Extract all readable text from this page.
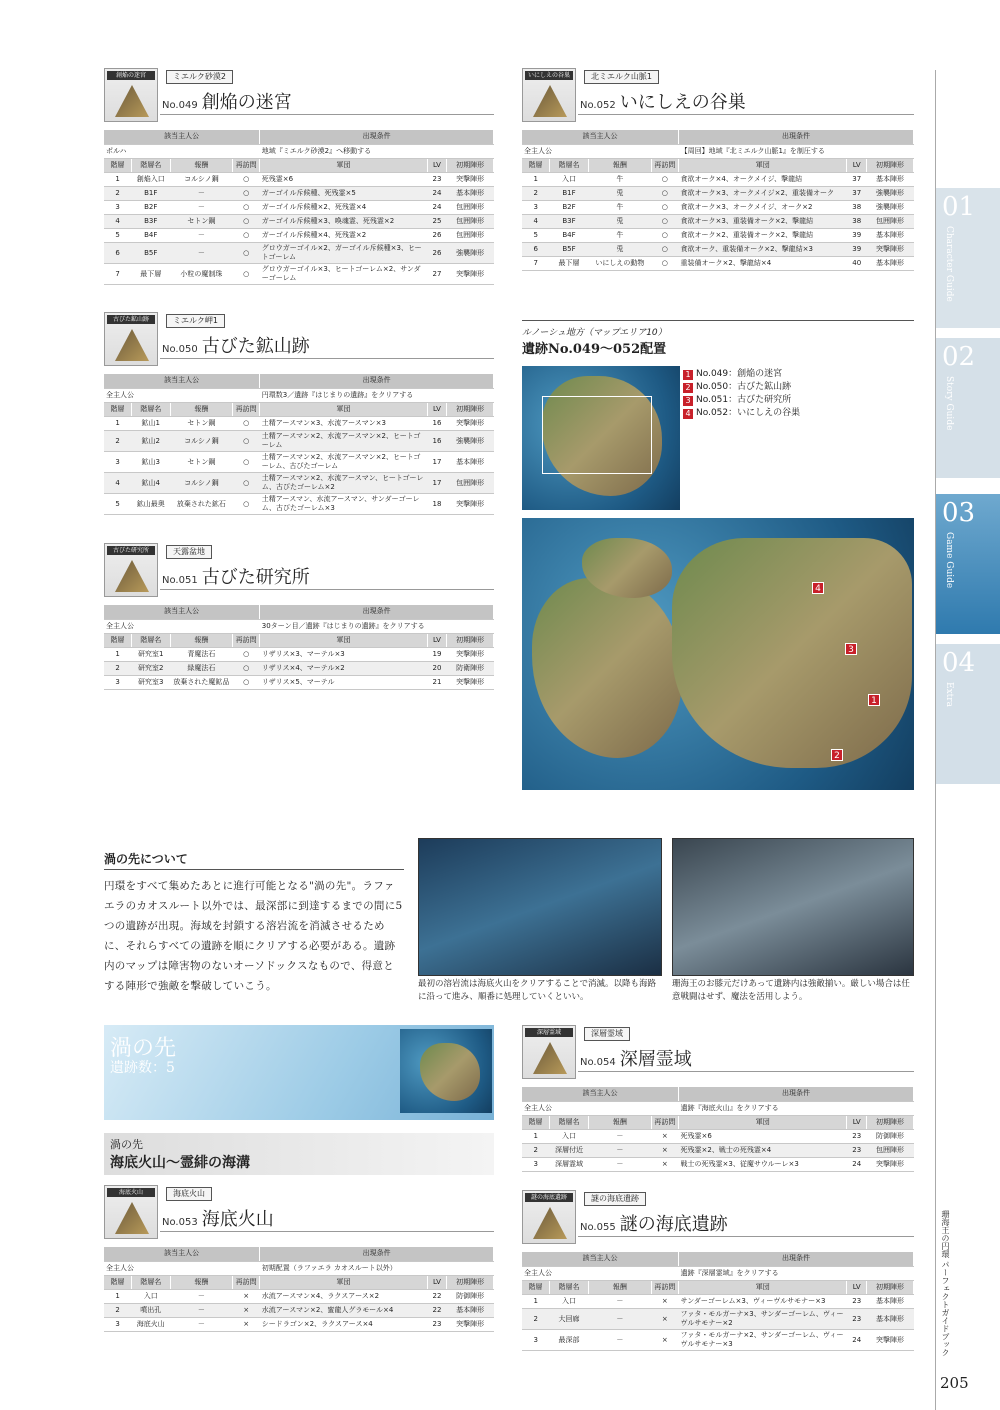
01
Character Guide
02
Story Guide
03
Game Guide
04
Extra
珊海王の円環 パーフェクトガイドブック
205
創焔の迷宮	ミエルク砂漠2
No.049 創焔の迷宮
該当主人公	出現条件
ポルハ	地域『ミエルク砂漠2』へ移動する
階層	階層名	報酬	再訪問	軍団	LV	初期陣形
1	創焔入口	コルシノ鋼	○	死残霊×6	23	突撃陣形
2	B1F	－	○	ガーゴイル斥候種、死残霊×5	24	基本陣形
3	B2F	－	○	ガーゴイル斥候種×2、死残霊×4	24	包囲陣形
4	B3F	セトン鋼	○	ガーゴイル斥候種×3、喚魂霊、死残霊×2	25	包囲陣形
5	B4F	－	○	ガーゴイル斥候種×4、死残霊×2	26	包囲陣形
6	B5F	－	○	グロウガーゴイル×2、ガーゴイル斥候種×3、ヒートゴーレム	26	強襲陣形
7	最下層	小粒の魔制珠	○	グロウガーゴイル×3、ヒートゴーレム×2、サンダーゴーレム	27	突撃陣形
古びた鉱山跡	ミエルク岬1
No.050 古びた鉱山跡
該当主人公	出現条件
全主人公	円環数3／遺跡『はじまりの遺跡』をクリアする
階層	階層名	報酬	再訪問	軍団	LV	初期陣形
1	鉱山1	セトン鋼	○	土精アースマン×3、水流アースマン×3	16	突撃陣形
2	鉱山2	コルシノ鋼	○	土精アースマン×2、水流アースマン×2、ヒートゴーレム	16	強襲陣形
3	鉱山3	セトン鋼	○	土精アースマン×2、水流アースマン×2、ヒートゴーレム、古びたゴーレム	17	基本陣形
4	鉱山4	コルシノ鋼	○	土精アースマン×2、水流アースマン、ヒートゴーレム、古びたゴーレム×2	17	包囲陣形
5	鉱山最奥	放棄された鉱石	○	土精アースマン、水流アースマン、サンダーゴーレム、古びたゴーレム×3	18	突撃陣形
古びた研究所	天露盆地
No.051 古びた研究所
該当主人公	出現条件
全主人公	30ターン目／遺跡『はじまりの遺跡』をクリアする
階層	階層名	報酬	再訪問	軍団	LV	初期陣形
1	研究室1	青魔法石	○	リザリス×3、マーテル×3	19	突撃陣形
2	研究室2	緑魔法石	○	リザリス×4、マーテル×2	20	防衛陣形
3	研究室3	放棄された魔鉱品	○	リザリス×5、マーテル	21	突撃陣形
いにしえの谷巣	北ミエルク山脈1
No.052 いにしえの谷巣
該当主人公	出現条件
全主人公	【周回】地域『北ミエルク山脈1』を制圧する
階層	階層名	報酬	再訪問	軍団	LV	初期陣形
1	入口	牛	○	貪欲オーク×4、オークメイジ、撃龍結	37	基本陣形
2	B1F	兎	○	貪欲オーク×3、オークメイジ×2、重装備オーク	37	強襲陣形
3	B2F	牛	○	貪欲オーク×3、オークメイジ、オーク×2	38	強襲陣形
4	B3F	兎	○	貪欲オーク×3、重装備オーク×2、撃龍結	38	包囲陣形
5	B4F	牛	○	貪欲オーク×2、重装備オーク×2、撃龍結	39	基本陣形
6	B5F	兎	○	貪欲オーク、重装備オーク×2、撃龍結×3	39	突撃陣形
7	最下層	いにしえの動物	○	重装備オーク×2、撃龍結×4	40	基本陣形
海底火山	海底火山
No.053 海底火山
該当主人公	出現条件
全主人公	初期配置（ラファエラ カオスルート以外）
階層	階層名	報酬	再訪問	軍団	LV	初期陣形
1	入口	－	×	水流アースマン×4、ラクスアース×2	22	防御陣形
2	噴出孔	－	×	水流アースマン×2、蜜龍人グラモール×4	22	基本陣形
3	海底火山	－	×	シードラゴン×2、ラクスアース×4	23	突撃陣形
深層霊域	深層霊域
No.054 深層霊域
該当主人公	出現条件
全主人公	遺跡『海底火山』をクリアする
階層	階層名	報酬	再訪問	軍団	LV	初期陣形
1	入口	－	×	死残霊×6	23	防御陣形
2	深層付近	－	×	死残霊×2、戦士の死残霊×4	23	包囲陣形
3	深層霊域	－	×	戦士の死残霊×3、従魔サウルーレ×3	24	突撃陣形
謎の海底遺跡	謎の海底遺跡
No.055 謎の海底遺跡
該当主人公	出現条件
全主人公	遺跡『深層霊域』をクリアする
階層	階層名	報酬	再訪問	軍団	LV	初期陣形
1	入口	－	×	サンダーゴーレム×3、ヴィーヴルサモナー×3	23	基本陣形
2	大回廊	－	×	ファタ・モルガーナ×3、サンダーゴーレム、ヴィーヴルサモナー×2	23	基本陣形
3	最深部	－	×	ファタ・モルガーナ×2、サンダーゴーレム、ヴィーヴルサモナー×3	24	突撃陣形
ルノーシュ地方（マップエリア10）
遺跡No.049〜052配置
1 No.049：創焔の迷宮
2 No.050：古びた鉱山跡
3 No.051：古びた研究所
4 No.052：いにしえの谷巣
1
2
3
4
渦の先について
円環をすべて集めたあとに進行可能となる"渦の先"。ラファエラのカオスルート以外では、最深部に到達するまでの間に5つの遺跡が出現。海域を封鎖する溶岩流を消滅させるために、それらすべての遺跡を順にクリアする必要がある。遺跡内のマップは障害物のないオーソドックスなもので、得意とする陣形で強敵を撃破していこう。	最初の溶岩流は海底火山をクリアすることで消滅。以降も海路に沿って進み、順番に処理していくといい。
珊海王のお膝元だけあって遺跡内は強敵揃い。厳しい場合は任意戦闘はせず、魔法を活用しよう。
渦の先
遺跡数：5
渦の先
海底火山〜霊緋の海溝
